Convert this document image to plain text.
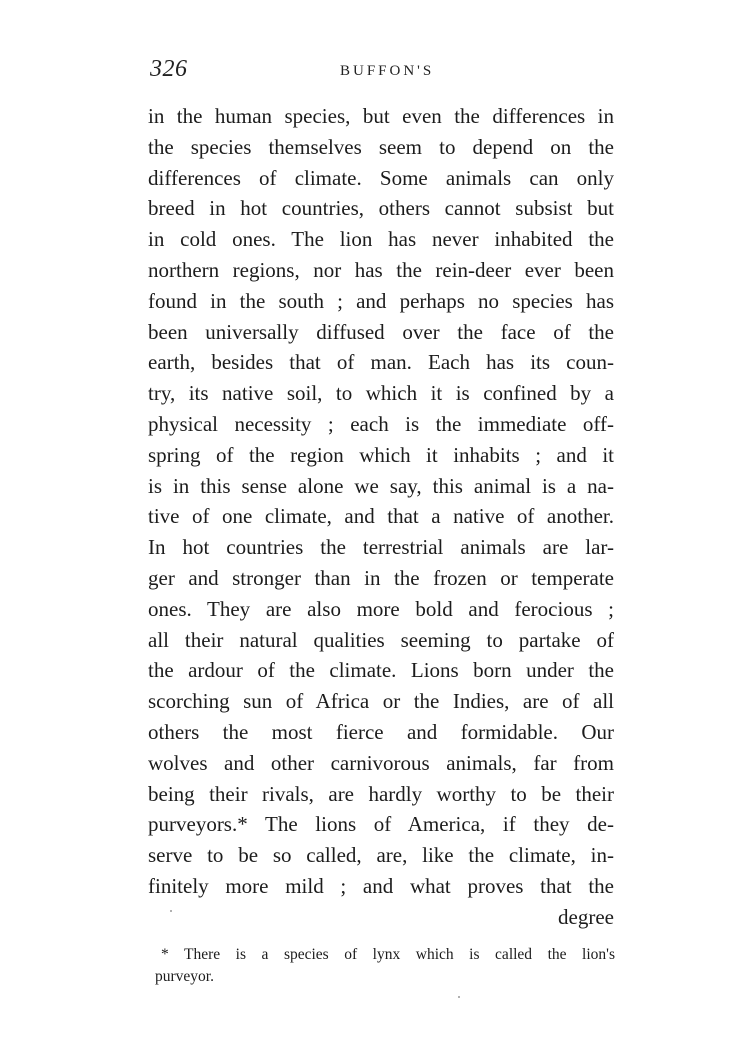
326	BUFFON'S
in the human species, but even the differences in
the species themselves seem to depend on the
differences of climate. Some animals can only
breed in hot countries, others cannot subsist but
in cold ones. The lion has never inhabited the
northern regions, nor has the rein-deer ever been
found in the south ; and perhaps no species has
been universally diffused over the face of the
earth, besides that of man. Each has its coun-
try, its native soil, to which it is confined by a
physical necessity ; each is the immediate off-
spring of the region which it inhabits ; and it
is in this sense alone we say, this animal is a na-
tive of one climate, and that a native of another.
In hot countries the terrestrial animals are lar-
ger and stronger than in the frozen or temperate
ones. They are also more bold and ferocious ;
all their natural qualities seeming to partake of
the ardour of the climate. Lions born under the
scorching sun of Africa or the Indies, are of all
others the most fierce and formidable. Our
wolves and other carnivorous animals, far from
being their rivals, are hardly worthy to be their
purveyors.* The lions of America, if they de-
serve to be so called, are, like the climate, in-
finitely more mild ; and what proves that the
degree
* There is a species of lynx which is called the lion's
purveyor.
